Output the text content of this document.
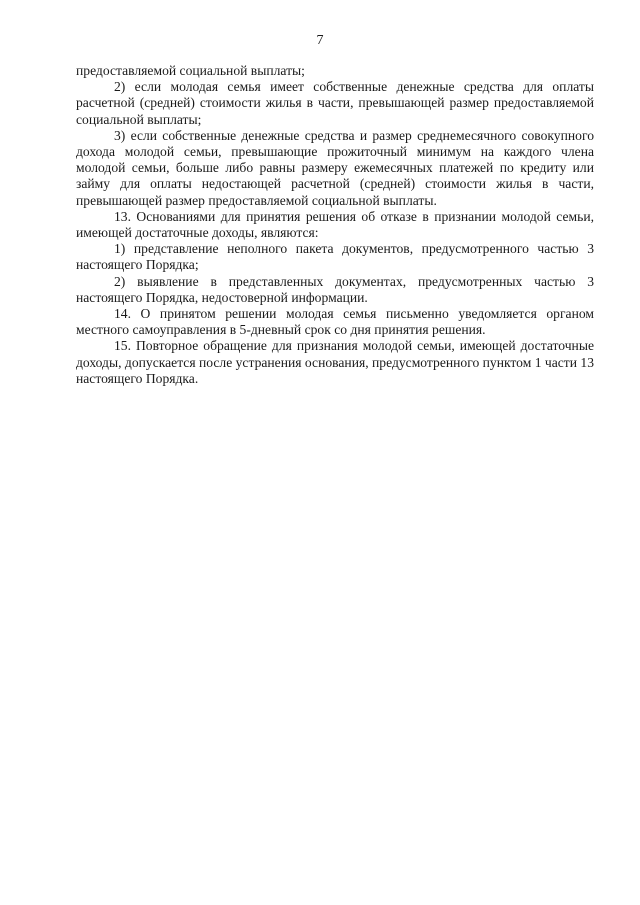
7

предоставляемой социальной выплаты;

2) если молодая семья имеет собственные денежные средства для оплаты расчетной (средней) стоимости жилья в части, превышающей размер предоставляемой социальной выплаты;

3) если собственные денежные средства и размер среднемесячного совокупного дохода молодой семьи, превышающие прожиточный минимум на каждого члена молодой семьи, больше либо равны размеру ежемесячных платежей по кредиту или займу для оплаты недостающей расчетной (средней) стоимости жилья в части, превышающей размер предоставляемой социальной выплаты.

13. Основаниями для принятия решения об отказе в признании молодой семьи, имеющей достаточные доходы, являются:

1) представление неполного пакета документов, предусмотренного частью 3 настоящего Порядка;

2) выявление в представленных документах, предусмотренных частью 3 настоящего Порядка, недостоверной информации.

14. О принятом решении молодая семья письменно уведомляется органом местного самоуправления в 5-дневный срок со дня принятия решения.

15. Повторное обращение для признания молодой семьи, имеющей достаточные доходы, допускается после устранения основания, предусмотренного пунктом 1 части 13 настоящего Порядка.
